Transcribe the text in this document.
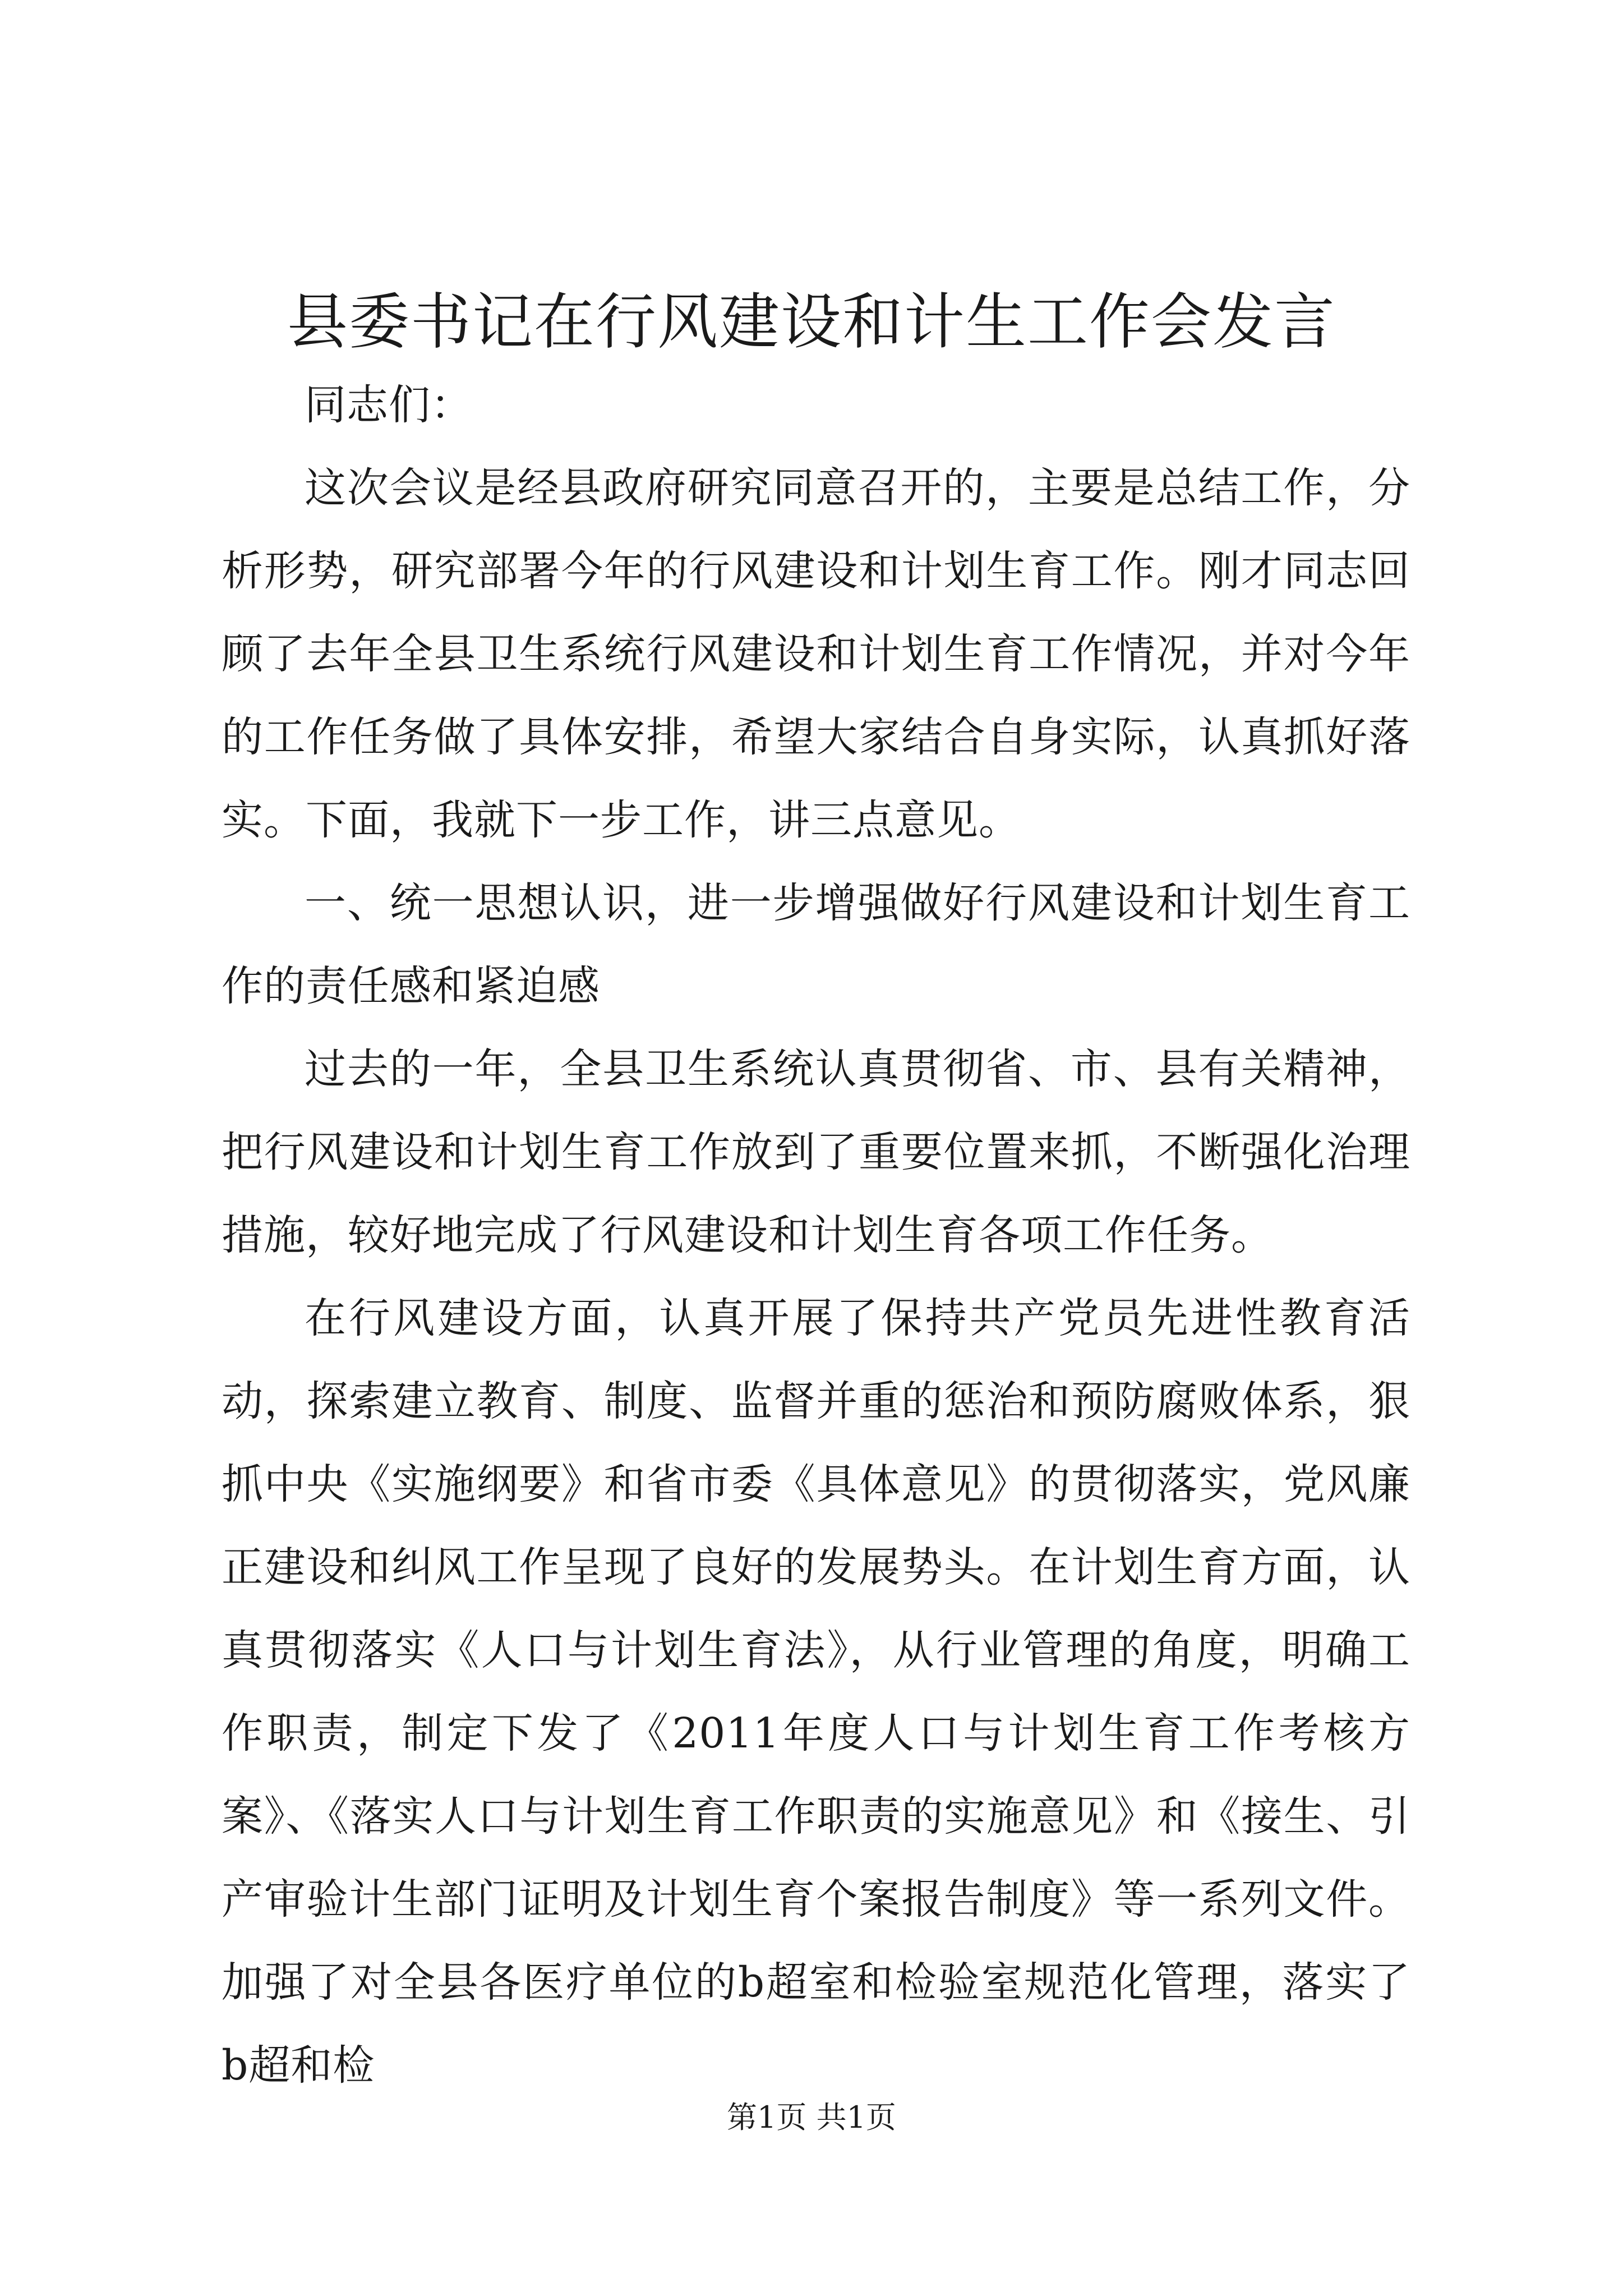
县委书记在行风建设和计生工作会发言

同志们：

这次会议是经县政府研究同意召开的，主要是总结工作，分析形势，研究部署今年的行风建设和计划生育工作。刚才同志回顾了去年全县卫生系统行风建设和计划生育工作情况，并对今年的工作任务做了具体安排，希望大家结合自身实际，认真抓好落实。下面，我就下一步工作，讲三点意见。

一、统一思想认识，进一步增强做好行风建设和计划生育工作的责任感和紧迫感

过去的一年，全县卫生系统认真贯彻省、市、县有关精神，把行风建设和计划生育工作放到了重要位置来抓，不断强化治理措施，较好地完成了行风建设和计划生育各项工作任务。

在行风建设方面，认真开展了保持共产党员先进性教育活动，探索建立教育、制度、监督并重的惩治和预防腐败体系，狠抓中央《实施纲要》和省市委《具体意见》的贯彻落实，党风廉正建设和纠风工作呈现了良好的发展势头。在计划生育方面，认真贯彻落实《人口与计划生育法》，从行业管理的角度，明确工作职责，制定下发了《2011年度人口与计划生育工作考核方案》、《落实人口与计划生育工作职责的实施意见》和《接生、引产审验计生部门证明及计划生育个案报告制度》等一系列文件。加强了对全县各医疗单位的b超室和检验室规范化管理，落实了b超和检

第1页 共1页
